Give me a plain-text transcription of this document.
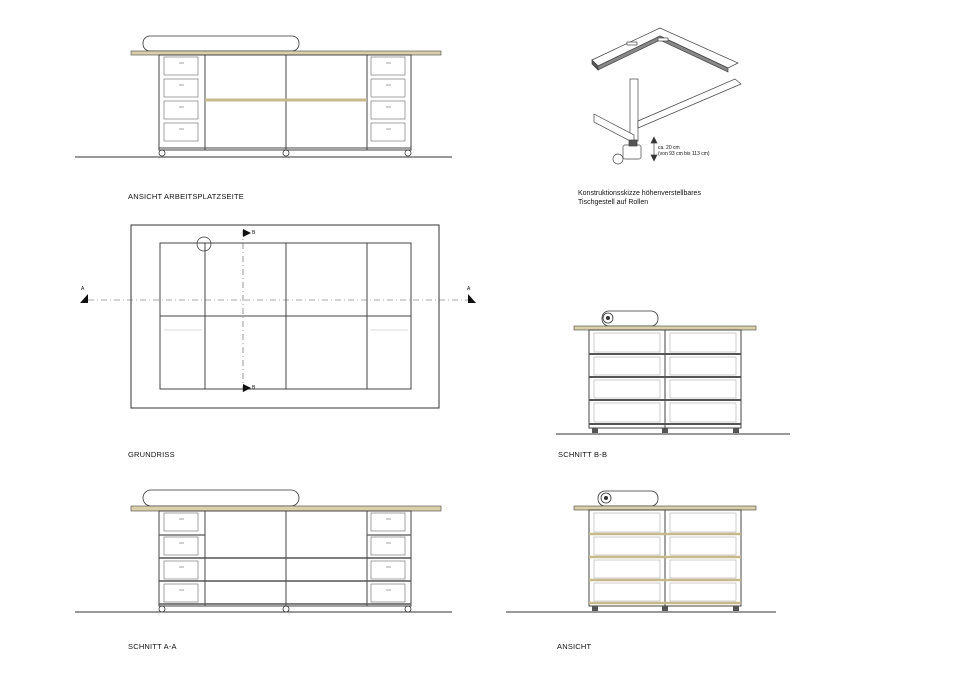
ANSICHT ARBEITSPLATZSEITE
GRUNDRISS
SCHNITT A-A
SCHNITT B-B
ANSICHT
Konstruktionsskizze höhenverstellbares
Tischgestell auf Rollen
ca. 20 cm
(von 93 cm bis 113 cm)
A	A
B
B
